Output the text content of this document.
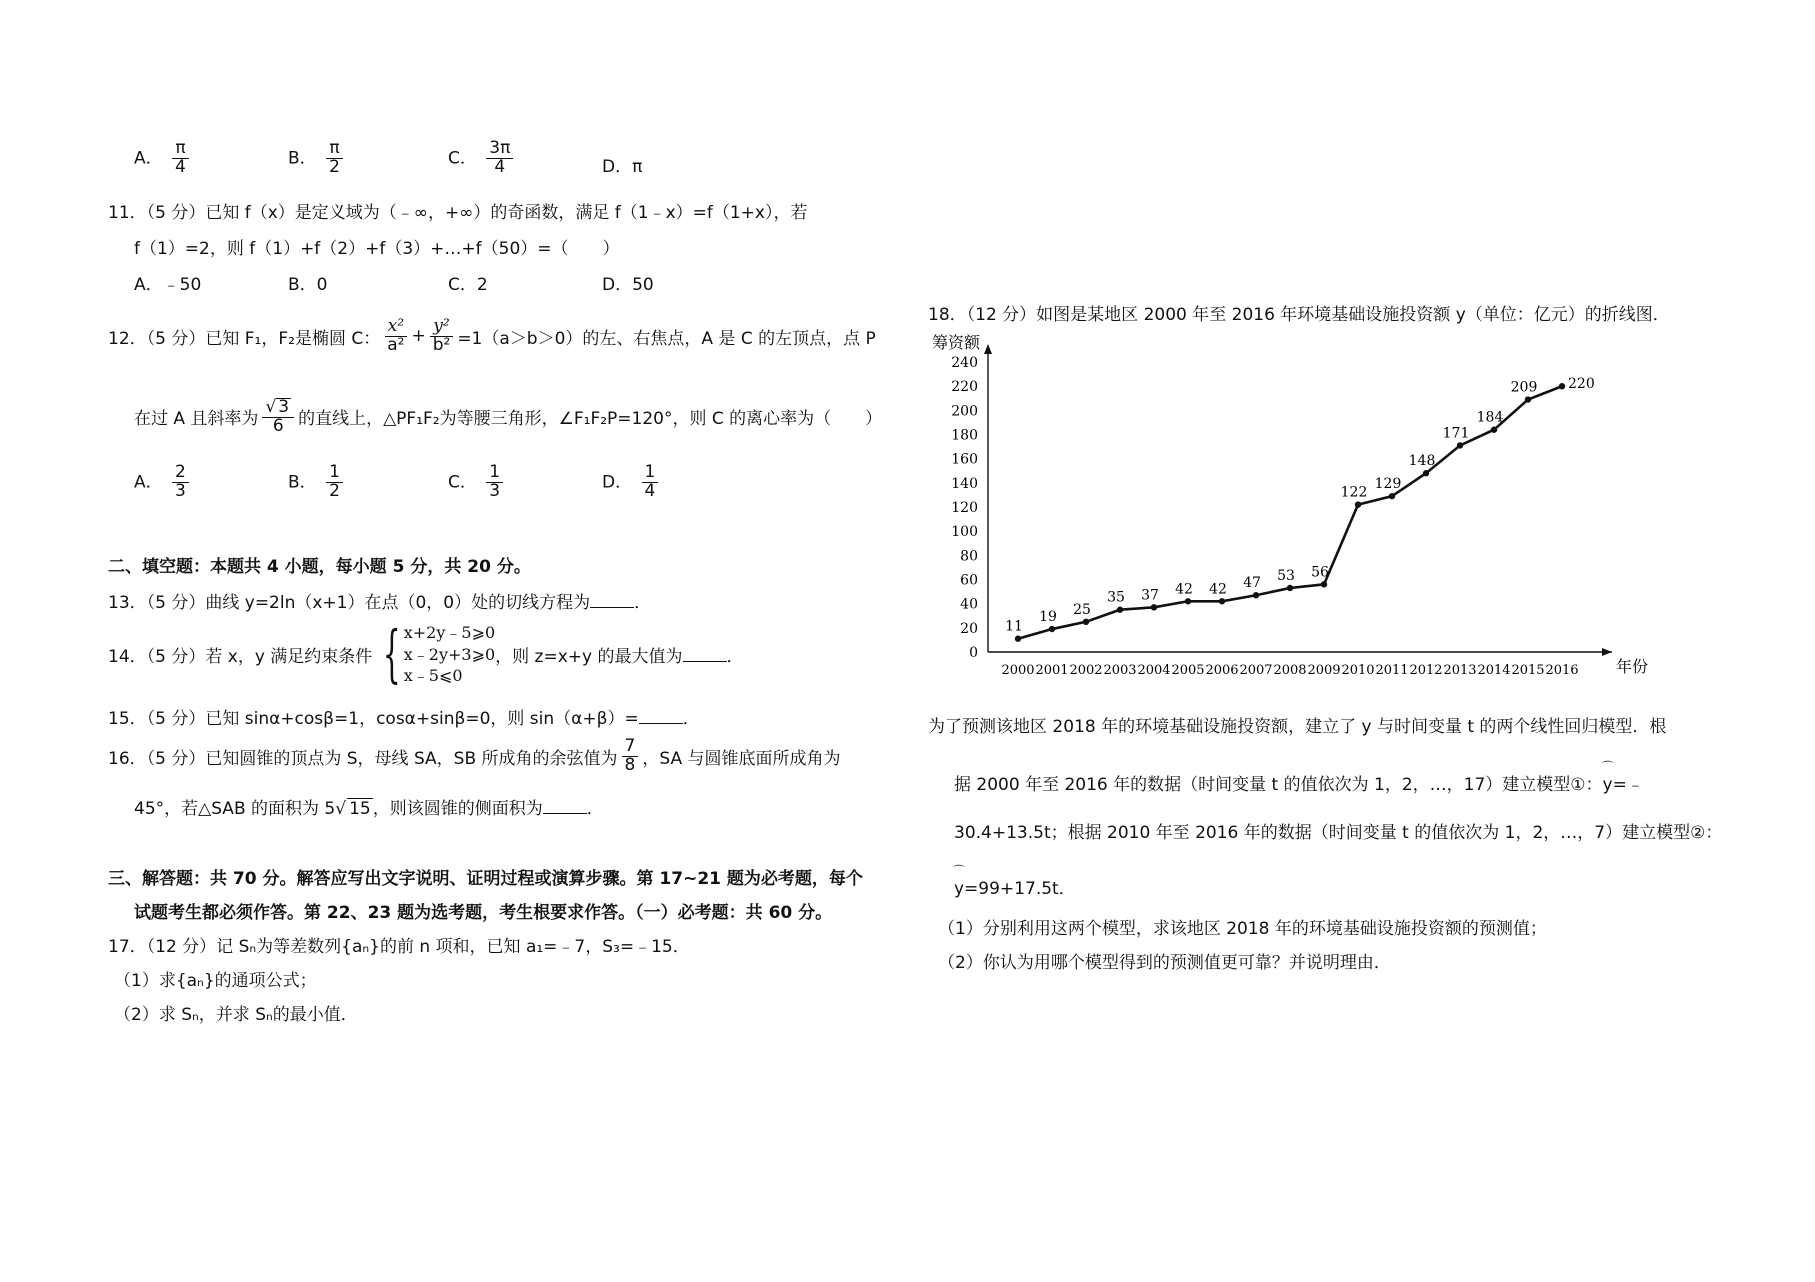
A． $\frac{\pi}{4}$	B． $\frac{\pi}{2}$	C． $\frac{3\pi}{4}$	D．π
11．（5 分）已知 f（x）是定义域为（﹣∞，+∞）的奇函数，满足 f（1﹣x）=f（1+x），若
f（1）=2，则 f（1）+f（2）+f（3）+…+f（50）=（　　）
A．﹣50	B．0	C．2	D．50
12．（5 分）已知 F₁，F₂是椭圆 C： $\frac{\text{x²}}{\text{a²}} + \frac{\text{y²}}{\text{b²}} =1(a>b>0)$的左、右焦点，A 是 C 的左顶点，点 P
在过 A 且斜率为 $\frac{√ 3}{6}$ 的直线上，△PF₁F₂为等腰三角形，∠F₁F₂P=120°，则 C 的离心率为（　　）
A． $\frac{2}{3}$	B． $\frac{1}{2}$	C． $\frac{1}{3}$	D． $\frac{1}{4}$
二、填空题：本题共 4 小题，每小题 5 分，共 20 分。
13．（5 分）曲线 y=2ln（x+1）在点（0，0）处的切线方程为	．
14．（5 分）若 x，y 满足约束条件 { x+2y﹣5⩾0
x﹣2y+3⩾0
x﹣5⩽0
，则 z=x+y 的最大值为	．
15．（5 分）已知 sinα+cosβ=1，cosα+sinβ=0，则 sin（α+β）=	．
16．（5 分）已知圆锥的顶点为 S，母线 SA，SB 所成角的余弦值为 $\frac{7}{8}$ ，SA 与圆锥底面所成角为
45°，若△SAB 的面积为 5√ 15 ，则该圆锥的侧面积为	．
三、解答题：共 70 分。解答应写出文字说明、证明过程或演算步骤。第 17~21 题为必考题，每个
试题考生都必须作答。第 22、23 题为选考题，考生根要求作答。（一）必考题：共 60 分。
17．（12 分）记 Sₙ为等差数列{aₙ}的前 n 项和，已知 a₁=﹣7，S₃=﹣15．
（1）求{aₙ}的通项公式；
（2）求 Sₙ，并求 Sₙ的最小值．
18．（12 分）如图是某地区 2000 年至 2016 年环境基础设施投资额 y（单位：亿元）的折线图．
筹资额
年份
0
20
40
60
80
100
120
140
160
180
200
220
240
2000 2001 2002 2003 2004 2005 2006 2007 2008 2009 2010 2011 2012 2013 2014 2015 2016
11
19 25
35 37 42 42 47 53 56
122
129
148
171
184
209 220
为了预测该地区 2018 年的环境基础设施投资额，建立了 y 与时间变量 t 的两个线性回归模型．根
据 2000 年至 2016 年的数据（时间变量 t 的值依次为 1，2，…，17）建立模型①：⌒ y=﹣
30.4+13.5t；根据 2010 年至 2016 年的数据（时间变量 t 的值依次为 1，2，…，7）建立模型②：
⌒ y=99+17.5t．
（1）分别利用这两个模型，求该地区 2018 年的环境基础设施投资额的预测值；
（2）你认为用哪个模型得到的预测值更可靠？并说明理由．
